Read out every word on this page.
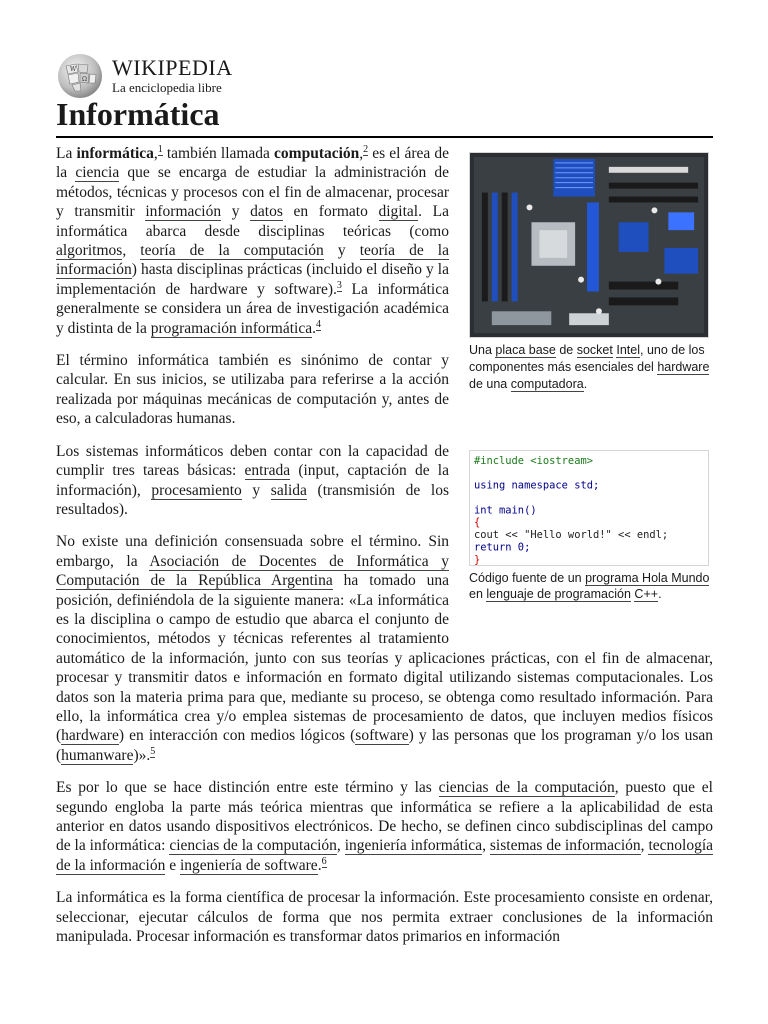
W
Ω WIKIPEDIA
La enciclopedia libre
Informática
Una placa base de socket Intel, uno de los componentes más esenciales del hardware de una computadora.

La informática,$^1$ también llamada computación,$^2$ es el área de la ciencia que se encarga de estudiar la administración de métodos, técnicas y procesos con el fin de almacenar, procesar y transmitir información y datos en formato digital. La informática abarca desde disciplinas teóricas (como algoritmos, teoría de la computación y teoría de la información) hasta disciplinas prácticas (incluido el diseño y la implementación de hardware y software).$^3$ La informática generalmente se considera un área de investigación académica y distinta de la programación informática.$^4$

El término informática también es sinónimo de contar y calcular. En sus inicios, se utilizaba para referirse a la acción realizada por máquinas mecánicas de computación y, antes de eso, a calculadoras humanas.

#include <iostream>
using namespace std;
int main()
{
cout << "Hello world!" << endl;
return 0;
}
Código fuente de un programa Hola Mundo en lenguaje de programación C++.

Los sistemas informáticos deben contar con la capacidad de cumplir tres tareas básicas: entrada (input, captación de la información), procesamiento y salida (transmisión de los resultados).

No existe una definición consensuada sobre el término. Sin embargo, la Asociación de Docentes de Informática y Computación de la República Argentina ha tomado una posición, definiéndola de la siguiente manera: «La informática es la disciplina o campo de estudio que abarca el conjunto de conocimientos, métodos y técnicas referentes al tratamiento automático de la información, junto con sus teorías y aplicaciones prácticas, con el fin de almacenar, procesar y transmitir datos e información en formato digital utilizando sistemas computacionales. Los datos son la materia prima para que, mediante su proceso, se obtenga como resultado información. Para ello, la informática crea y/o emplea sistemas de procesamiento de datos, que incluyen medios físicos (hardware) en interacción con medios lógicos (software) y las personas que los programan y/o los usan (humanware)».$^5$

Es por lo que se hace distinción entre este término y las ciencias de la computación, puesto que el segundo engloba la parte más teórica mientras que informática se refiere a la aplicabilidad de esta anterior en datos usando dispositivos electrónicos. De hecho, se definen cinco subdisciplinas del campo de la informática: ciencias de la computación, ingeniería informática, sistemas de información, tecnología de la información e ingeniería de software.$^6$

La informática es la forma científica de procesar la información. Este procesamiento consiste en ordenar, seleccionar, ejecutar cálculos de forma que nos permita extraer conclusiones de la información manipulada. Procesar información es transformar datos primarios en información
